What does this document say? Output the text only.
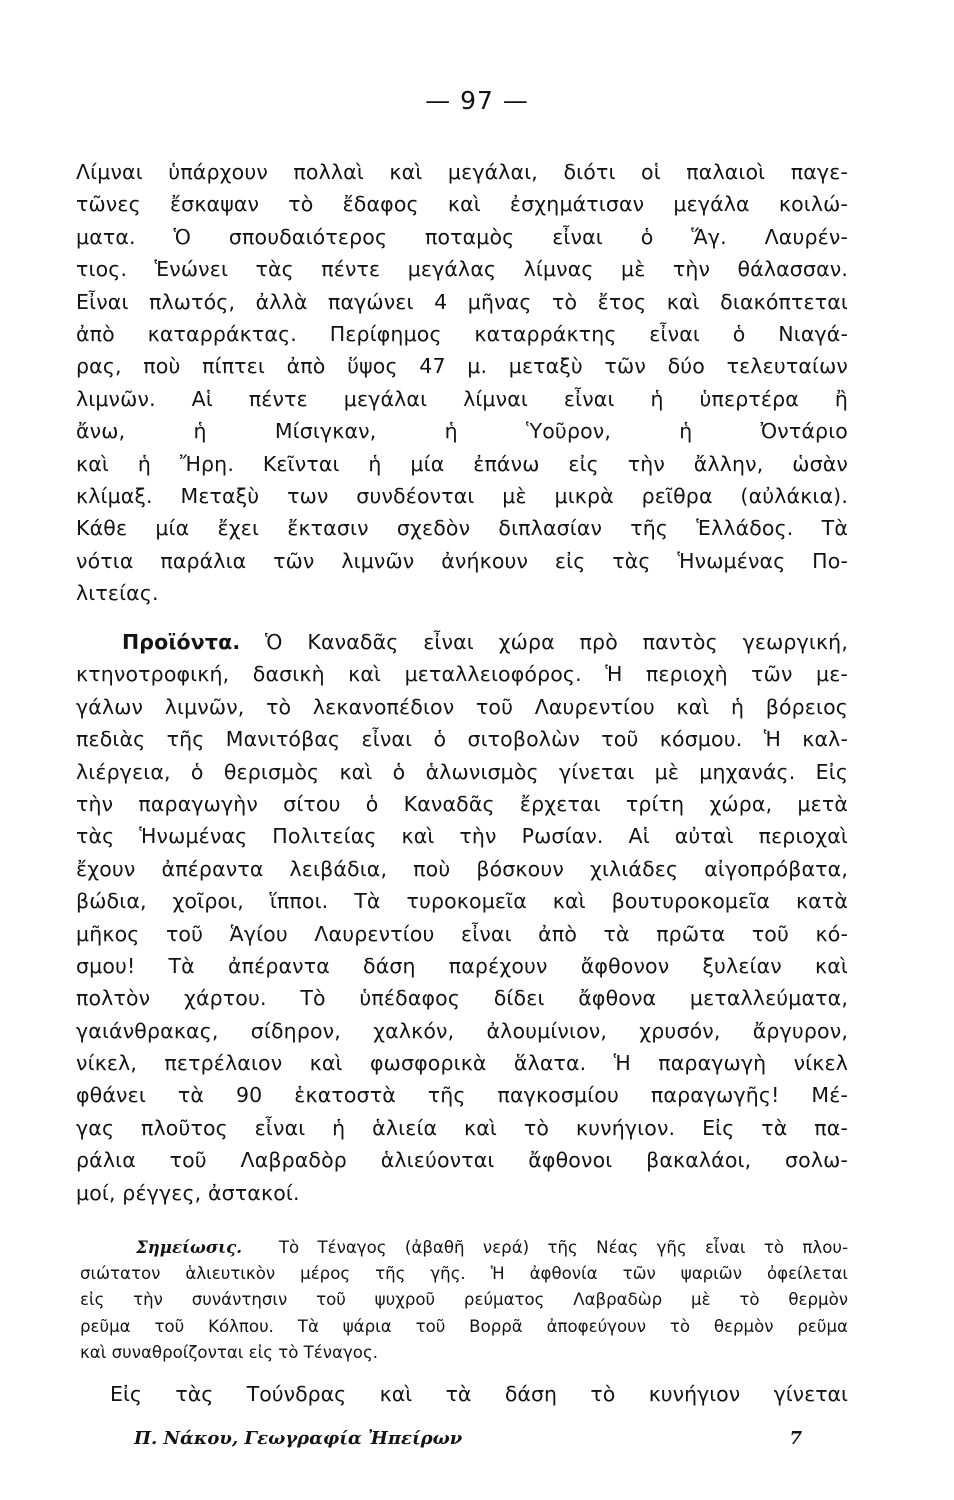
— 97 —
Λίμναι ὑπάρχουν πολλαὶ καὶ μεγάλαι, διότι οἱ παλαιοὶ παγε-
τῶνες ἔσκαψαν τὸ ἔδαφος καὶ ἐσχημάτισαν μεγάλα κοιλώ-
ματα. Ὁ σπουδαιότερος ποταμὸς εἶναι ὁ Ἅγ. Λαυρέν-
τιος. Ἑνώνει τὰς πέντε μεγάλας λίμνας μὲ τὴν θάλασσαν.
Εἶναι πλωτός, ἀλλὰ παγώνει 4 μῆνας τὸ ἔτος καὶ διακόπτεται
ἀπὸ καταρράκτας. Περίφημος καταρράκτης εἶναι ὁ Νιαγά-
ρας, ποὺ πίπτει ἀπὸ ὕψος 47 μ. μεταξὺ τῶν δύο τελευταίων
λιμνῶν. Αἱ πέντε μεγάλαι λίμναι εἶναι ἡ ὑπερτέρα ἢ
ἄνω, ἡ Μίσιγκαν, ἡ Ὑοῦρον, ἡ Ὀντάριο
καὶ ἡ Ἤρη. Κεῖνται ἡ μία ἐπάνω εἰς τὴν ἄλλην, ὡσὰν
κλίμαξ. Μεταξὺ των συνδέονται μὲ μικρὰ ρεῖθρα (αὐλάκια).
Κάθε μία ἔχει ἔκτασιν σχεδὸν διπλασίαν τῆς Ἑλλάδος. Τὰ
νότια παράλια τῶν λιμνῶν ἀνήκουν εἰς τὰς Ἡνωμένας Πο-
λιτείας.
Προϊόντα. Ὁ Καναδᾶς εἶναι χώρα πρὸ παντὸς γεωργική,
κτηνοτροφική, δασικὴ καὶ μεταλλειοφόρος. Ἡ περιοχὴ τῶν με-
γάλων λιμνῶν, τὸ λεκανοπέδιον τοῦ Λαυρεντίου καὶ ἡ βόρειος
πεδιὰς τῆς Μανιτόβας εἶναι ὁ σιτοβολὼν τοῦ κόσμου. Ἡ καλ-
λιέργεια, ὁ θερισμὸς καὶ ὁ ἁλωνισμὸς γίνεται μὲ μηχανάς. Εἰς
τὴν παραγωγὴν σίτου ὁ Καναδᾶς ἔρχεται τρίτη χώρα, μετὰ
τὰς Ἡνωμένας Πολιτείας καὶ τὴν Ρωσίαν. Αἱ αὐταὶ περιοχαὶ
ἔχουν ἀπέραντα λειβάδια, ποὺ βόσκουν χιλιάδες αἰγοπρόβατα,
βώδια, χοῖροι, ἵπποι. Τὰ τυροκομεῖα καὶ βουτυροκομεῖα κατὰ
μῆκος τοῦ Ἁγίου Λαυρεντίου εἶναι ἀπὸ τὰ πρῶτα τοῦ κό-
σμου! Τὰ ἀπέραντα δάση παρέχουν ἄφθονον ξυλείαν καὶ
πολτὸν χάρτου. Τὸ ὑπέδαφος δίδει ἄφθονα μεταλλεύματα,
γαιάνθρακας, σίδηρον, χαλκόν, ἀλουμίνιον, χρυσόν, ἄργυρον,
νίκελ, πετρέλαιον καὶ φωσφορικὰ ἅλατα. Ἡ παραγωγὴ νίκελ
φθάνει τὰ 90 ἑκατοστὰ τῆς παγκοσμίου παραγωγῆς! Μέ-
γας πλοῦτος εἶναι ἡ ἁλιεία καὶ τὸ κυνήγιον. Εἰς τὰ πα-
ράλια τοῦ Λαβραδὸρ ἁλιεύονται ἄφθονοι βακαλάοι, σολω-
μοί, ρέγγες, ἀστακοί.
Σημείωσις. Τὸ Τέναγος (ἀβαθῆ νερά) τῆς Νέας γῆς εἶναι τὸ πλου-
σιώτατον ἁλιευτικὸν μέρος τῆς γῆς. Ἡ ἀφθονία τῶν ψαριῶν ὀφείλεται
εἰς τὴν συνάντησιν τοῦ ψυχροῦ ρεύματος Λαβραδὼρ μὲ τὸ θερμὸν
ρεῦμα τοῦ Κόλπου. Τὰ ψάρια τοῦ Βορρᾶ ἀποφεύγουν τὸ θερμὸν ρεῦμα
καὶ συναθροίζονται εἰς τὸ Τέναγος.
Εἰς τὰς Τούνδρας καὶ τὰ δάση τὸ κυνήγιον γίνεται
Π. Νάκου, Γεωγραφία Ἠπείρων	7
